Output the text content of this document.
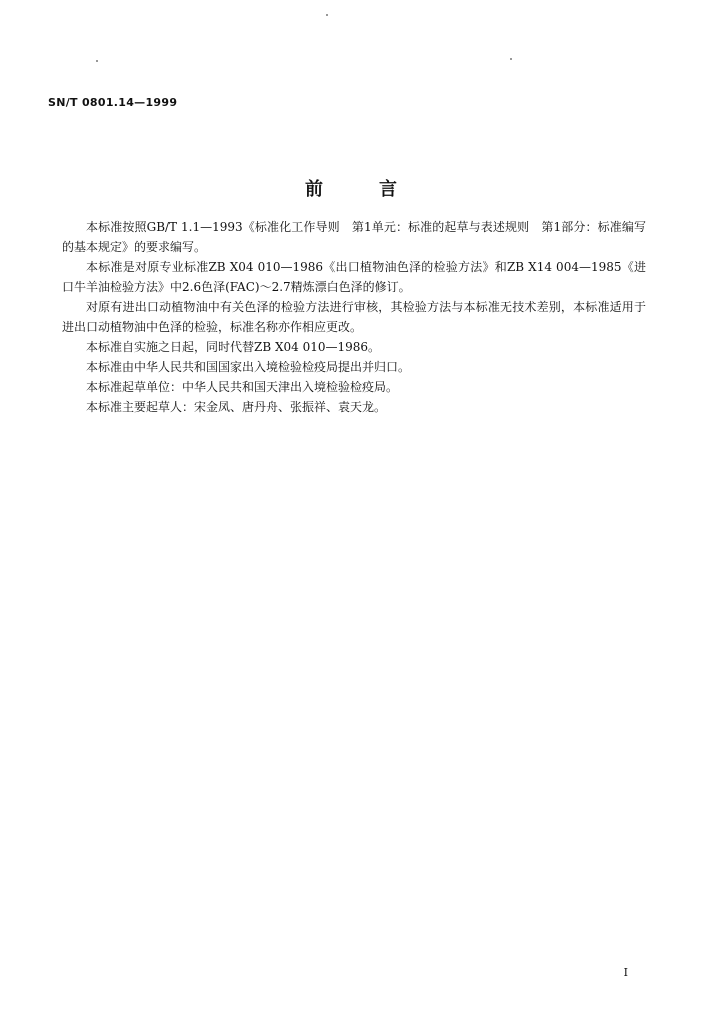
SN/T 0801.14—1999
前言

本标准按照GB/T 1.1—1993《标准化工作导则　第1单元：标准的起草与表述规则　第1部分：标准编写的基本规定》的要求编写。

本标准是对原专业标准ZB X04 010—1986《出口植物油色泽的检验方法》和ZB X14 004—1985《进口牛羊油检验方法》中2.6色泽(FAC)～2.7精炼漂白色泽的修订。

对原有进出口动植物油中有关色泽的检验方法进行审核，其检验方法与本标准无技术差别，本标准适用于进出口动植物油中色泽的检验，标准名称亦作相应更改。

本标准自实施之日起，同时代替ZB X04 010—1986。

本标准由中华人民共和国国家出入境检验检疫局提出并归口。

本标准起草单位：中华人民共和国天津出入境检验检疫局。

本标准主要起草人：宋金凤、唐丹舟、张振祥、袁天龙。

I
